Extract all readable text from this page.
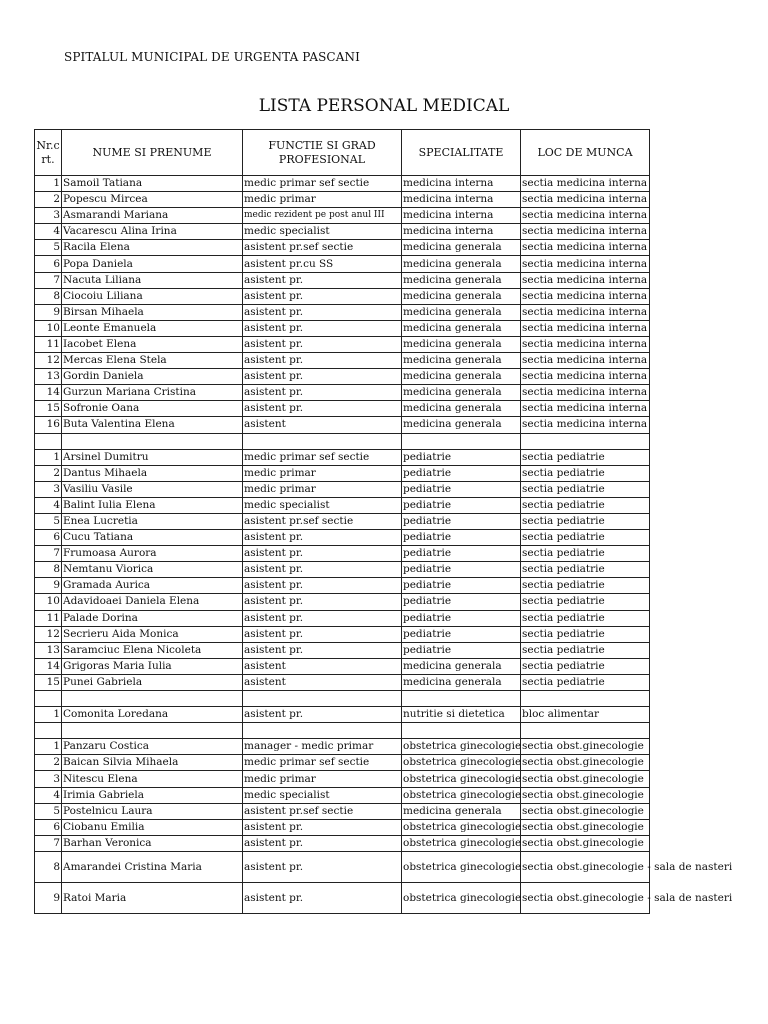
SPITALUL MUNICIPAL DE URGENTA PASCANI
LISTA PERSONAL MEDICAL
Nr.c rt.	NUME SI PRENUME	FUNCTIE SI GRAD PROFESIONAL	SPECIALITATE	LOC DE MUNCA
1	Samoil Tatiana	medic primar sef sectie	medicina interna	sectia medicina interna
2	Popescu Mircea	medic primar	medicina interna	sectia medicina interna
3	Asmarandi Mariana	medic rezident pe post anul III	medicina interna	sectia medicina interna
4	Vacarescu Alina Irina	medic specialist	medicina interna	sectia medicina interna
5	Racila Elena	asistent pr.sef sectie	medicina generala	sectia medicina interna
6	Popa Daniela	asistent pr.cu SS	medicina generala	sectia medicina interna
7	Nacuta Liliana	asistent pr.	medicina generala	sectia medicina interna
8	Ciocoiu Liliana	asistent pr.	medicina generala	sectia medicina interna
9	Birsan Mihaela	asistent pr.	medicina generala	sectia medicina interna
10	Leonte Emanuela	asistent pr.	medicina generala	sectia medicina interna
11	Iacobet Elena	asistent pr.	medicina generala	sectia medicina interna
12	Mercas Elena Stela	asistent pr.	medicina generala	sectia medicina interna
13	Gordin Daniela	asistent pr.	medicina generala	sectia medicina interna
14	Gurzun Mariana Cristina	asistent pr.	medicina generala	sectia medicina interna
15	Sofronie Oana	asistent pr.	medicina generala	sectia medicina interna
16	Buta Valentina Elena	asistent	medicina generala	sectia medicina interna

1	Arsinel Dumitru	medic primar sef sectie	pediatrie	sectia pediatrie
2	Dantus Mihaela	medic primar	pediatrie	sectia pediatrie
3	Vasiliu Vasile	medic primar	pediatrie	sectia pediatrie
4	Balint Iulia Elena	medic specialist	pediatrie	sectia pediatrie
5	Enea Lucretia	asistent pr.sef sectie	pediatrie	sectia pediatrie
6	Cucu Tatiana	asistent pr.	pediatrie	sectia pediatrie
7	Frumoasa Aurora	asistent pr.	pediatrie	sectia pediatrie
8	Nemtanu Viorica	asistent pr.	pediatrie	sectia pediatrie
9	Gramada Aurica	asistent pr.	pediatrie	sectia pediatrie
10	Adavidoaei Daniela Elena	asistent pr.	pediatrie	sectia pediatrie
11	Palade Dorina	asistent pr.	pediatrie	sectia pediatrie
12	Secrieru Aida Monica	asistent pr.	pediatrie	sectia pediatrie
13	Saramciuc Elena Nicoleta	asistent pr.	pediatrie	sectia pediatrie
14	Grigoras Maria Iulia	asistent	medicina generala	sectia pediatrie
15	Punei Gabriela	asistent	medicina generala	sectia pediatrie

1	Comonita Loredana	asistent pr.	nutritie si dietetica	bloc alimentar

1	Panzaru Costica	manager - medic primar	obstetrica ginecologie	sectia obst.ginecologie
2	Baican Silvia Mihaela	medic primar sef sectie	obstetrica ginecologie	sectia obst.ginecologie
3	Nitescu Elena	medic primar	obstetrica ginecologie	sectia obst.ginecologie
4	Irimia Gabriela	medic specialist	obstetrica ginecologie	sectia obst.ginecologie
5	Postelnicu Laura	asistent pr.sef sectie	medicina generala	sectia obst.ginecologie
6	Ciobanu Emilia	asistent pr.	obstetrica ginecologie	sectia obst.ginecologie
7	Barhan Veronica	asistent pr.	obstetrica ginecologie	sectia obst.ginecologie
8	Amarandei Cristina Maria	asistent pr.	obstetrica ginecologie	sectia obst.ginecologie - sala de nasteri
9	Ratoi Maria	asistent pr.	obstetrica ginecologie	sectia obst.ginecologie - sala de nasteri
